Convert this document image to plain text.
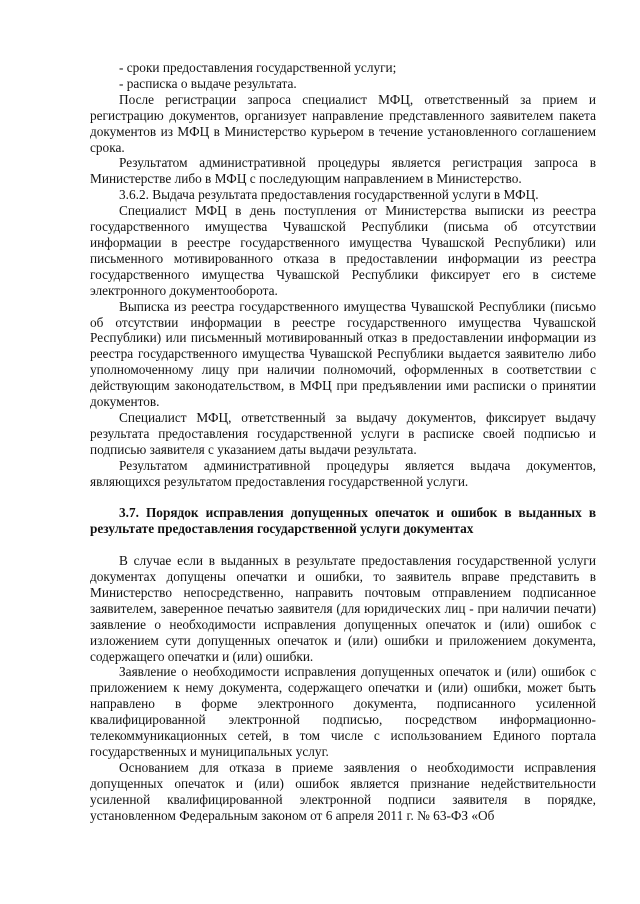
- сроки предоставления государственной услуги;

- расписка о выдаче результата.

После регистрации запроса специалист МФЦ, ответственный за прием и регистрацию документов, организует направление представленного заявителем пакета документов из МФЦ в Министерство курьером в течение установленного соглашением срока.

Результатом административной процедуры является регистрация запроса в Министерстве либо в МФЦ с последующим направлением в Министерство.

3.6.2. Выдача результата предоставления государственной услуги в МФЦ.

Специалист МФЦ в день поступления от Министерства выписки из реестра государственного имущества Чувашской Республики (письма об отсутствии информации в реестре государственного имущества Чувашской Республики) или письменного мотивированного отказа в предоставлении информации из реестра государственного имущества Чувашской Республики фиксирует его в системе электронного документооборота.

Выписка из реестра государственного имущества Чувашской Республики (письмо об отсутствии информации в реестре государственного имущества Чувашской Республики) или письменный мотивированный отказ в предоставлении информации из реестра государственного имущества Чувашской Республики выдается заявителю либо уполномоченному лицу при наличии полномочий, оформленных в соответствии с действующим законодательством, в МФЦ при предъявлении ими расписки о принятии документов.

Специалист МФЦ, ответственный за выдачу документов, фиксирует выдачу результата предоставления государственной услуги в расписке своей подписью и подписью заявителя с указанием даты выдачи результата.

Результатом административной процедуры является выдача документов, являющихся результатом предоставления государственной услуги.

3.7. Порядок исправления допущенных опечаток и ошибок в выданных в результате предоставления государственной услуги документах

В случае если в выданных в результате предоставления государственной услуги документах допущены опечатки и ошибки, то заявитель вправе представить в Министерство непосредственно, направить почтовым отправлением подписанное заявителем, заверенное печатью заявителя (для юридических лиц - при наличии печати) заявление о необходимости исправления допущенных опечаток и (или) ошибок с изложением сути допущенных опечаток и (или) ошибки и приложением документа, содержащего опечатки и (или) ошибки.

Заявление о необходимости исправления допущенных опечаток и (или) ошибок с приложением к нему документа, содержащего опечатки и (или) ошибки, может быть направлено в форме электронного документа, подписанного усиленной квалифицированной электронной подписью, посредством информационно-телекоммуникационных сетей, в том числе с использованием Единого портала государственных и муниципальных услуг.

Основанием для отказа в приеме заявления о необходимости исправления допущенных опечаток и (или) ошибок является признание недействительности усиленной квалифицированной электронной подписи заявителя в порядке, установленном Федеральным законом от 6 апреля 2011 г. № 63-ФЗ «Об
